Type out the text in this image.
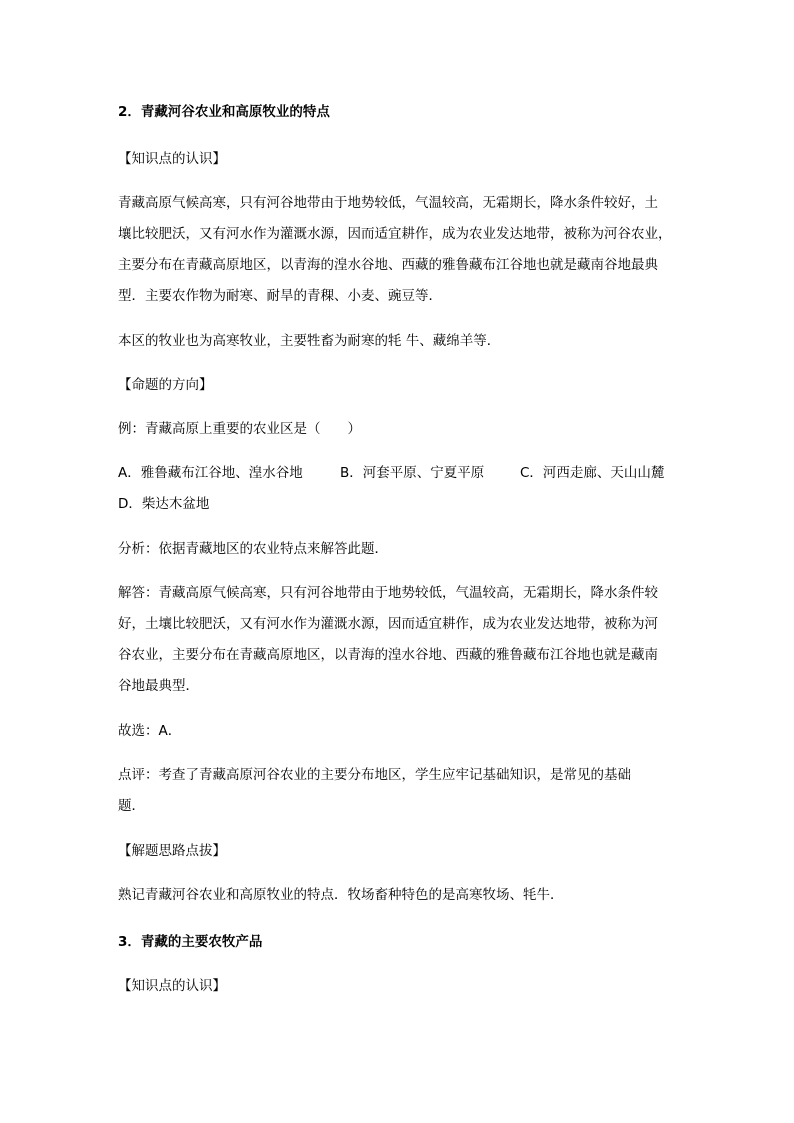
2．青藏河谷农业和高原牧业的特点
【知识点的认识】
青藏高原气候高寒，只有河谷地带由于地势较低，气温较高，无霜期长，降水条件较好，土
壤比较肥沃，又有河水作为灌溉水源，因而适宜耕作，成为农业发达地带，被称为河谷农业，
主要分布在青藏高原地区，以青海的湟水谷地、西藏的雅鲁藏布江谷地也就是藏南谷地最典
型．主要农作物为耐寒、耐旱的青稞、小麦、豌豆等．
本区的牧业也为高寒牧业，主要牲畜为耐寒的牦 牛、藏绵羊等．
【命题的方向】
例：青藏高原上重要的农业区是（　　）
A．雅鲁藏布江谷地、湟水谷地	B．河套平原、宁夏平原	C．河西走廊、天山山麓
D．柴达木盆地
分析：依据青藏地区的农业特点来解答此题．
解答：青藏高原气候高寒，只有河谷地带由于地势较低，气温较高，无霜期长，降水条件较
好，土壤比较肥沃，又有河水作为灌溉水源，因而适宜耕作，成为农业发达地带，被称为河
谷农业，主要分布在青藏高原地区，以青海的湟水谷地、西藏的雅鲁藏布江谷地也就是藏南
谷地最典型．
故选：A．
点评：考查了青藏高原河谷农业的主要分布地区，学生应牢记基础知识，是常见的基础
题．
【解题思路点拔】
熟记青藏河谷农业和高原牧业的特点．牧场畜种特色的是高寒牧场、牦牛．
3．青藏的主要农牧产品
【知识点的认识】
